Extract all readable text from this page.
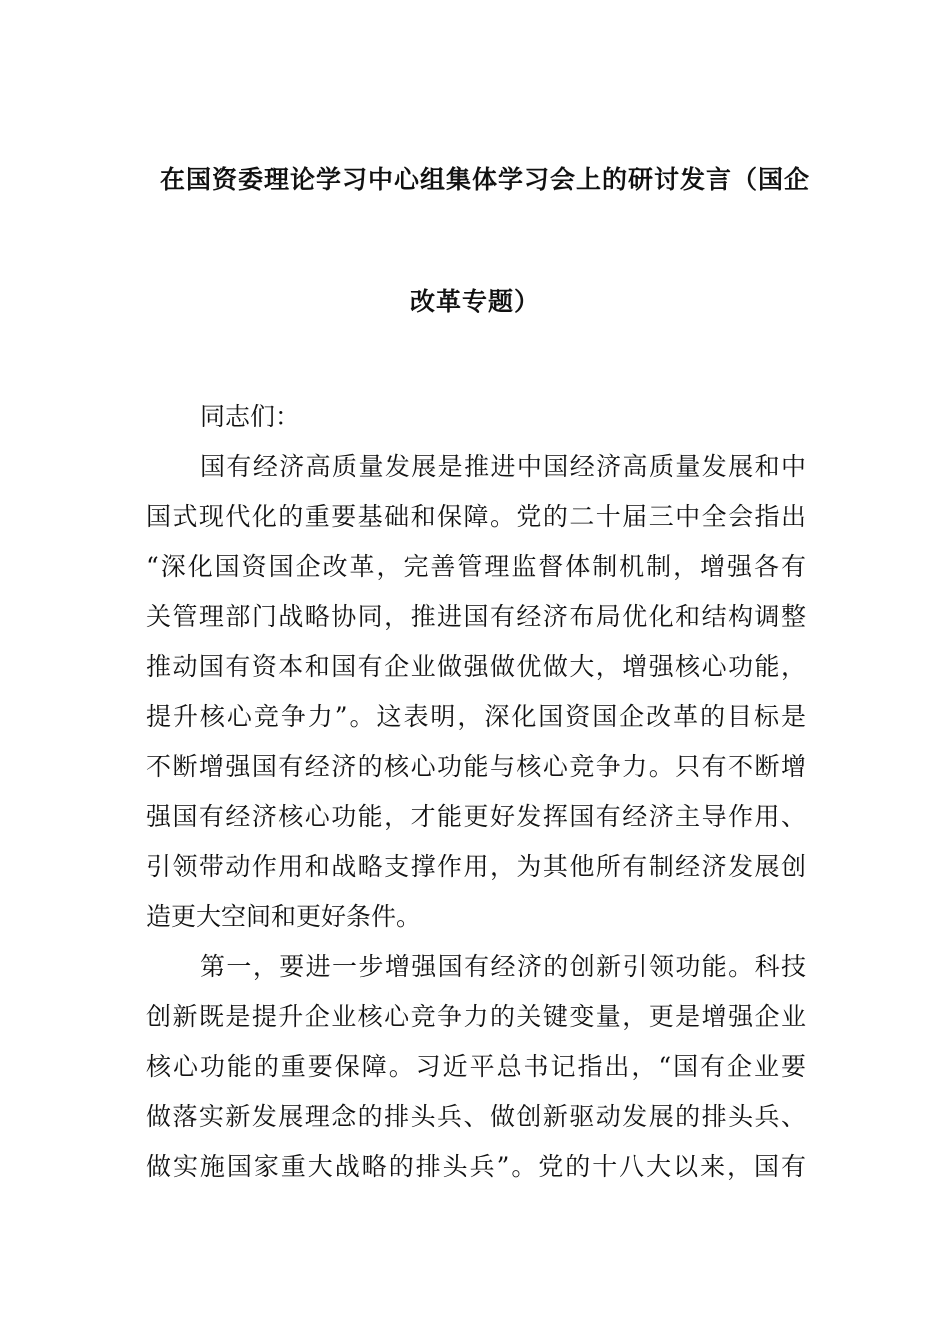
在国资委理论学习中心组集体学习会上的研讨发言（国企
改革专题）
同志们：
国有经济高质量发展是推进中国经济高质量发展和中
国式现代化的重要基础和保障。党的二十届三中全会指出
“深化国资国企改革，完善管理监督体制机制，增强各有
关管理部门战略协同，推进国有经济布局优化和结构调整
推动国有资本和国有企业做强做优做大，增强核心功能，
提升核心竞争力”。这表明，深化国资国企改革的目标是
不断增强国有经济的核心功能与核心竞争力。只有不断增
强国有经济核心功能，才能更好发挥国有经济主导作用、
引领带动作用和战略支撑作用，为其他所有制经济发展创
造更大空间和更好条件。
第一，要进一步增强国有经济的创新引领功能。科技
创新既是提升企业核心竞争力的关键变量，更是增强企业
核心功能的重要保障。习近平总书记指出，“国有企业要
做落实新发展理念的排头兵、做创新驱动发展的排头兵、
做实施国家重大战略的排头兵”。党的十八大以来，国有
